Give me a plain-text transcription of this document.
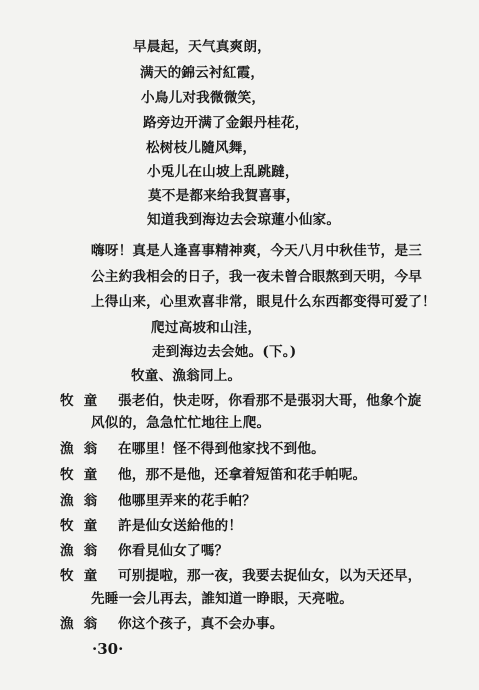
早晨起，天气真爽朗，
满天的錦云衬紅霞，
小鳥儿对我微微笑，
路旁边开满了金銀丹桂花，
松树枝儿隨风舞，
小兎儿在山坡上乱跳躂，
莫不是都来给我賀喜事，
知道我到海边去会琼蓮小仙家。
嗨呀！真是人逢喜事精神爽，今天八月中秋佳节，是三
公主約我相会的日子，我一夜未曾合眼熬到天明，今早
上得山来，心里欢喜非常，眼見什么东西都变得可爱了！
爬过高坡和山洼，
走到海边去会她。(下。)
牧童、漁翁同上。
牧童 張老伯，快走呀，你看那不是張羽大哥，他象个旋
风似的，急急忙忙地往上爬。
漁翁 在哪里！怪不得到他家找不到他。
牧童 他，那不是他，还拿着短笛和花手帕呢。
漁翁 他哪里弄来的花手帕？
牧童 許是仙女送給他的！
漁翁 你看見仙女了嗎？
牧童 可别提啦，那一夜，我要去捉仙女，以为天还早，
先睡一会儿再去，誰知道一睁眼，天亮啦。
漁翁 你这个孩子，真不会办事。
·30·
